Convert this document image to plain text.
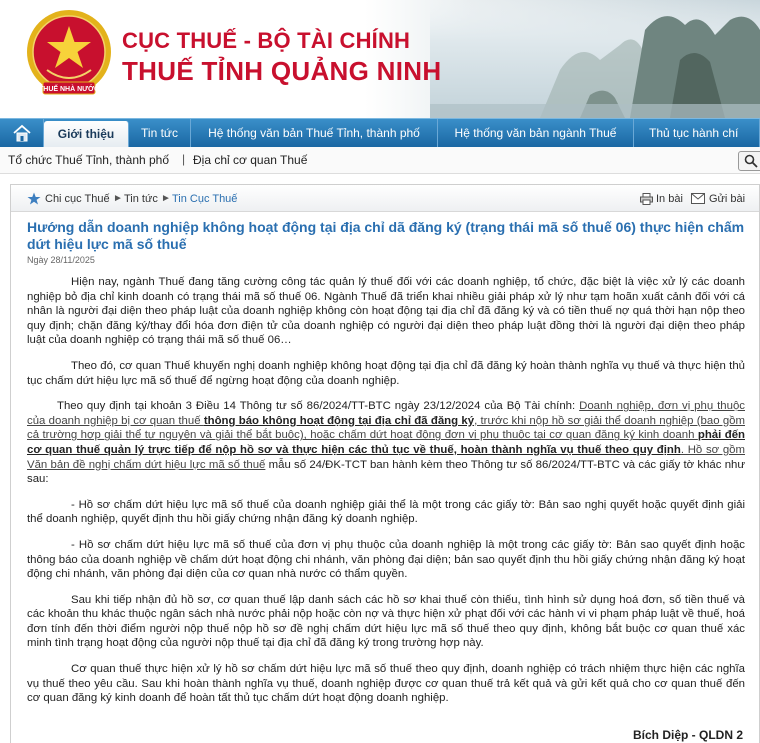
THUẾ NHÀ NƯỚC
CỤC THUẾ - BỘ TÀI CHÍNH
THUẾ TỈNH QUẢNG NINH
Giới thiệu	Tin tức	Hệ thống văn bản Thuế Tỉnh, thành phố	Hệ thống văn bản ngành Thuế	Thủ tục hành chí
Tổ chức Thuế Tỉnh, thành phố | Địa chỉ cơ quan Thuế
Chi cục Thuế ► Tin tức ► Tin Cục Thuế	In bài Gửi bài
Hướng dẫn doanh nghiệp không hoạt động tại địa chỉ dã đăng ký (trạng thái mã số thuế 06) thực hiện chấm dứt hiệu lực mã số thuế
Ngày 28/11/2025

Hiện nay, ngành Thuế đang tăng cường công tác quản lý thuế đối với các doanh nghiệp, tổ chức, đặc biệt là việc xử lý các doanh nghiệp bỏ địa chỉ kinh doanh có trạng thái mã số thuế 06. Ngành Thuế đã triển khai nhiều giải pháp xử lý như tạm hoãn xuất cảnh đối với cá nhân là người đại diện theo pháp luật của doanh nghiệp không còn hoạt động tại địa chỉ đã đăng ký và có tiền thuế nợ quá thời hạn nộp theo quy định; chặn đăng ký/thay đổi hóa đơn điện tử của doanh nghiệp có người đại diện theo pháp luật đồng thời là người đại diện theo pháp luật của doanh nghiệp có trạng thái mã số thuế 06…

Theo đó, cơ quan Thuế khuyến nghị doanh nghiệp không hoạt động tại địa chỉ đã đăng ký hoàn thành nghĩa vụ thuế và thực hiện thủ tục chấm dứt hiệu lực mã số thuế để ngừng hoạt động của doanh nghiệp.

Theo quy định tại khoản 3 Điều 14 Thông tư số 86/2024/TT-BTC ngày 23/12/2024 của Bộ Tài chính: Doanh nghiệp, đơn vị phụ thuộc của doanh nghiệp bị cơ quan thuế thông báo không hoạt động tại địa chỉ đã đăng ký, trước khi nộp hồ sơ giải thể doanh nghiệp (bao gồm cả trường hợp giải thể tự nguyện và giải thể bắt buộc), hoặc chấm dứt hoạt động đơn vị phụ thuộc tại cơ quan đăng ký kinh doanh phải đến cơ quan thuế quản lý trực tiếp để nộp hồ sơ và thực hiện các thủ tục về thuế, hoàn thành nghĩa vụ thuế theo quy định. Hồ sơ gồm Văn bản đề nghị chấm dứt hiệu lực mã số thuế mẫu số 24/ĐK-TCT ban hành kèm theo Thông tư số 86/2024/TT-BTC và các giấy tờ khác như sau:

- Hồ sơ chấm dứt hiệu lực mã số thuế của doanh nghiệp giải thể là một trong các giấy tờ: Bản sao nghị quyết hoặc quyết định giải thể doanh nghiệp, quyết định thu hồi giấy chứng nhận đăng ký doanh nghiệp.

- Hồ sơ chấm dứt hiệu lực mã số thuế của đơn vị phụ thuộc của doanh nghiệp là một trong các giấy tờ: Bản sao quyết định hoặc thông báo của doanh nghiệp về chấm dứt hoạt động chi nhánh, văn phòng đại diện; bản sao quyết định thu hồi giấy chứng nhận đăng ký hoạt động chi nhánh, văn phòng đại diện của cơ quan nhà nước có thẩm quyền.

Sau khi tiếp nhận đủ hồ sơ, cơ quan thuế lập danh sách các hồ sơ khai thuế còn thiếu, tình hình sử dụng hoá đơn, số tiền thuế và các khoản thu khác thuộc ngân sách nhà nước phải nộp hoặc còn nợ và thực hiện xử phạt đối với các hành vi vi phạm pháp luật về thuế, hoá đơn tính đến thời điểm người nộp thuế nộp hồ sơ đề nghị chấm dứt hiệu lực mã số thuế theo quy định, không bắt buộc cơ quan thuế xác minh tình trạng hoạt động của người nộp thuế tại địa chỉ đã đăng ký trong trường hợp này.

Cơ quan thuế thực hiện xử lý hồ sơ chấm dứt hiệu lực mã số thuế theo quy định, doanh nghiệp có trách nhiệm thực hiện các nghĩa vụ thuế theo yêu cầu. Sau khi hoàn thành nghĩa vụ thuế, doanh nghiệp được cơ quan thuế trả kết quả và gửi kết quả cho cơ quan thuế đến cơ quan đăng ký kinh doanh để hoàn tất thủ tục chấm dứt hoạt động doanh nghiệp.

Bích Diệp - QLDN 2
